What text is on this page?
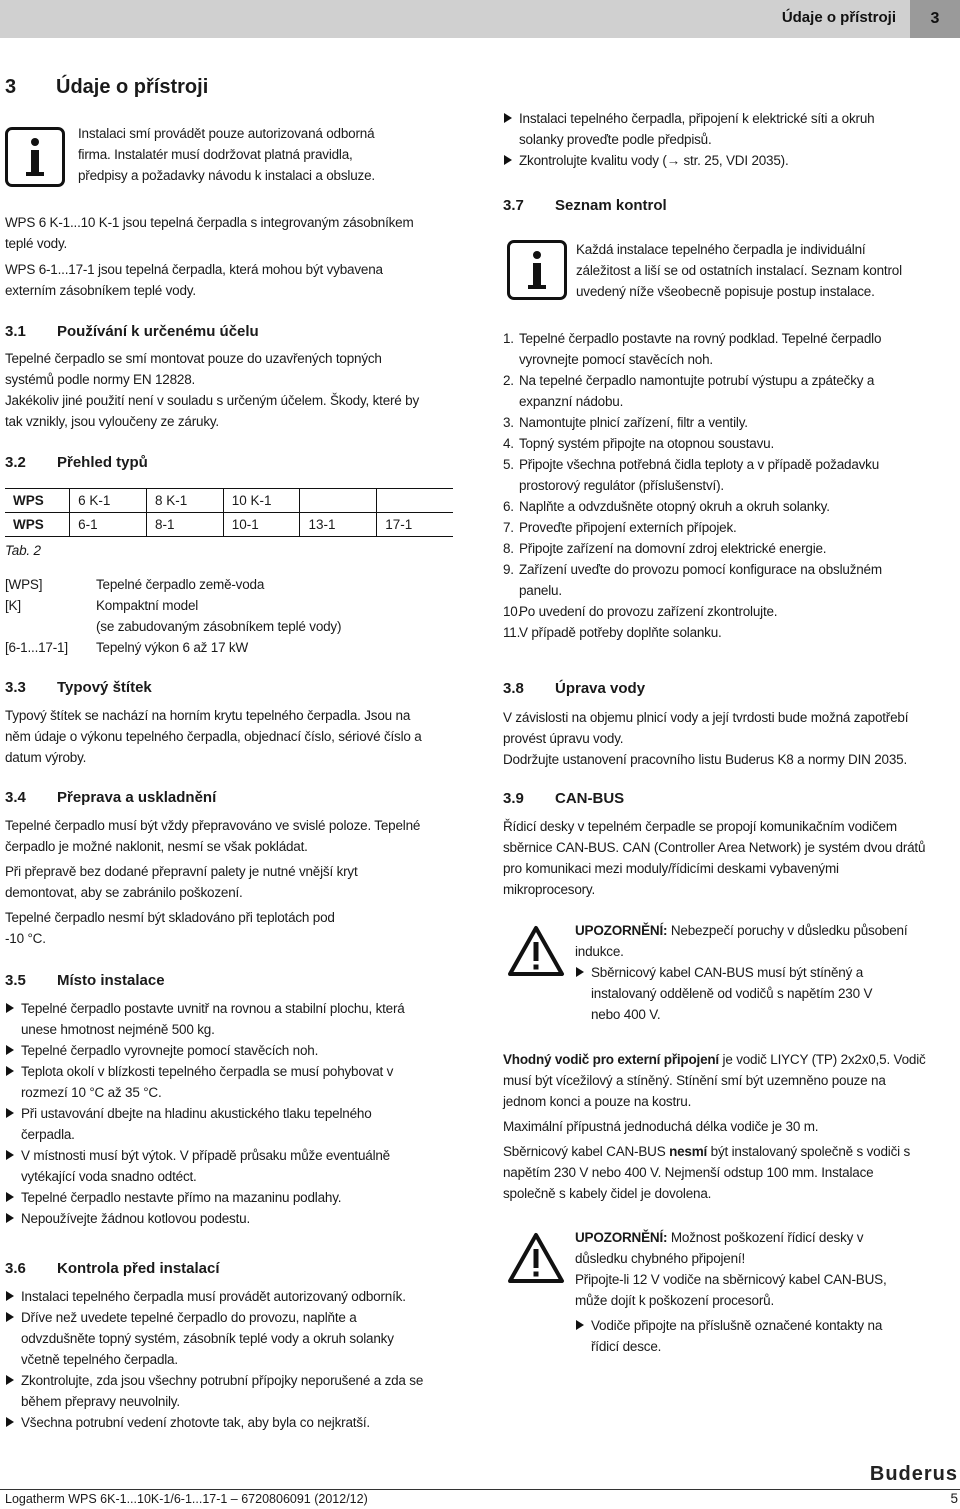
Údaje o přístroji	3
3 Údaje o přístroji
Instalaci smí provádět pouze autorizovaná odborná
firma. Instalatér musí dodržovat platná pravidla,
předpisy a požadavky návodu k instalaci a obsluze.
WPS 6 K-1...10 K-1 jsou tepelná čerpadla s integrovaným zásobníkem
teplé vody.
WPS 6-1...17-1 jsou tepelná čerpadla, která mohou být vybavena
externím zásobníkem teplé vody.
3.1 Používání k určenému účelu
Tepelné čerpadlo se smí montovat pouze do uzavřených topných
systémů podle normy EN 12828.
Jakékoliv jiné použití není v souladu s určeným účelem. Škody, které by
tak vznikly, jsou vyloučeny ze záruky.
3.2 Přehled typů
WPS	6 K-1	8 K-1	10 K-1		
WPS	6-1	8-1	10-1	13-1	17-1
Tab. 2
[WPS]	Tepelné čerpadlo země-voda
[K]	Kompaktní model
(se zabudovaným zásobníkem teplé vody)
[6-1...17-1] Tepelný výkon 6 až 17 kW
3.3 Typový štítek
Typový štítek se nachází na horním krytu tepelného čerpadla. Jsou na
něm údaje o výkonu tepelného čerpadla, objednací číslo, sériové číslo a
datum výroby.
3.4 Přeprava a uskladnění
Tepelné čerpadlo musí být vždy přepravováno ve svislé poloze. Tepelné
čerpadlo je možné naklonit, nesmí se však pokládat.
Při přepravě bez dodané přepravní palety je nutné vnější kryt
demontovat, aby se zabránilo poškození.
Tepelné čerpadlo nesmí být skladováno při teplotách pod
-10 °C.
3.5 Místo instalace
Tepelné čerpadlo postavte uvnitř na rovnou a stabilní plochu, která
unese hmotnost nejméně 500 kg.
Tepelné čerpadlo vyrovnejte pomocí stavěcích noh.
Teplota okolí v blízkosti tepelného čerpadla se musí pohybovat v
rozmezí 10 °C až 35 °C.
Při ustavování dbejte na hladinu akustického tlaku tepelného
čerpadla.
V místnosti musí být výtok. V případě průsaku může eventuálně
vytékající voda snadno odtéct.
Tepelné čerpadlo nestavte přímo na mazaninu podlahy.
Nepoužívejte žádnou kotlovou podestu.
3.6 Kontrola před instalací
Instalaci tepelného čerpadla musí provádět autorizovaný odborník.
Dříve než uvedete tepelné čerpadlo do provozu, naplňte a
odvzdušněte topný systém, zásobník teplé vody a okruh solanky
včetně tepelného čerpadla.
Zkontrolujte, zda jsou všechny potrubní přípojky neporušené a zda se
během přepravy neuvolnily.
Všechna potrubní vedení zhotovte tak, aby byla co nejkratší.
Instalaci tepelného čerpadla, připojení k elektrické síti a okruh
solanky proveďte podle předpisů.
Zkontrolujte kvalitu vody (→ str. 25, VDI 2035).
3.7 Seznam kontrol
Každá instalace tepelného čerpadla je individuální
záležitost a liší se od ostatních instalací. Seznam kontrol
uvedený níže všeobecně popisuje postup instalace.
1. Tepelné čerpadlo postavte na rovný podklad. Tepelné čerpadlo
vyrovnejte pomocí stavěcích noh.
2. Na tepelné čerpadlo namontujte potrubí výstupu a zpátečky a
expanzní nádobu.
3. Namontujte plnicí zařízení, filtr a ventily.
4. Topný systém připojte na otopnou soustavu.
5. Připojte všechna potřebná čidla teploty a v případě požadavku
prostorový regulátor (příslušenství).
6. Naplňte a odvzdušněte otopný okruh a okruh solanky.
7. Proveďte připojení externích přípojek.
8. Připojte zařízení na domovní zdroj elektrické energie.
9. Zařízení uveďte do provozu pomocí konfigurace na obslužném
panelu.
10.
Po uvedení do provozu zařízení zkontrolujte.
11.
V případě potřeby doplňte solanku.
3.8 Úprava vody
V závislosti na objemu plnicí vody a její tvrdosti bude možná zapotřebí
provést úpravu vody.
Dodržujte ustanovení pracovního listu Buderus K8 a normy DIN 2035.
3.9 CAN-BUS
Řídicí desky v tepelném čerpadle se propojí komunikačním vodičem
sběrnice CAN-BUS. CAN (Controller Area Network) je systém dvou drátů
pro komunikaci mezi moduly/řídicími deskami vybavenými
mikroprocesory.
UPOZORNĚNÍ: Nebezpečí poruchy v důsledku působení
indukce.
Sběrnicový kabel CAN-BUS musí být stíněný a
instalovaný odděleně od vodičů s napětím 230 V
nebo 400 V.
Vhodný vodič pro externí připojení je vodič LIYCY (TP) 2x2x0,5. Vodič
musí být vícežilový a stíněný. Stínění smí být uzemněno pouze na
jednom konci a pouze na kostru.
Maximální přípustná jednoduchá délka vodiče je 30 m.
Sběrnicový kabel CAN-BUS nesmí být instalovaný společně s vodiči s
napětím 230 V nebo 400 V. Nejmenší odstup 100 mm. Instalace
společně s kabely čidel je dovolena.
UPOZORNĚNÍ: Možnost poškození řídicí desky v
důsledku chybného připojení!
Připojte-li 12 V vodiče na sběrnicový kabel CAN-BUS,
může dojít k poškození procesorů.
Vodiče připojte na příslušně označené kontakty na
řídicí desce.
Buderus
Logatherm WPS 6K-1...10K-1/6-1...17-1 – 6720806091 (2012/12)	5
